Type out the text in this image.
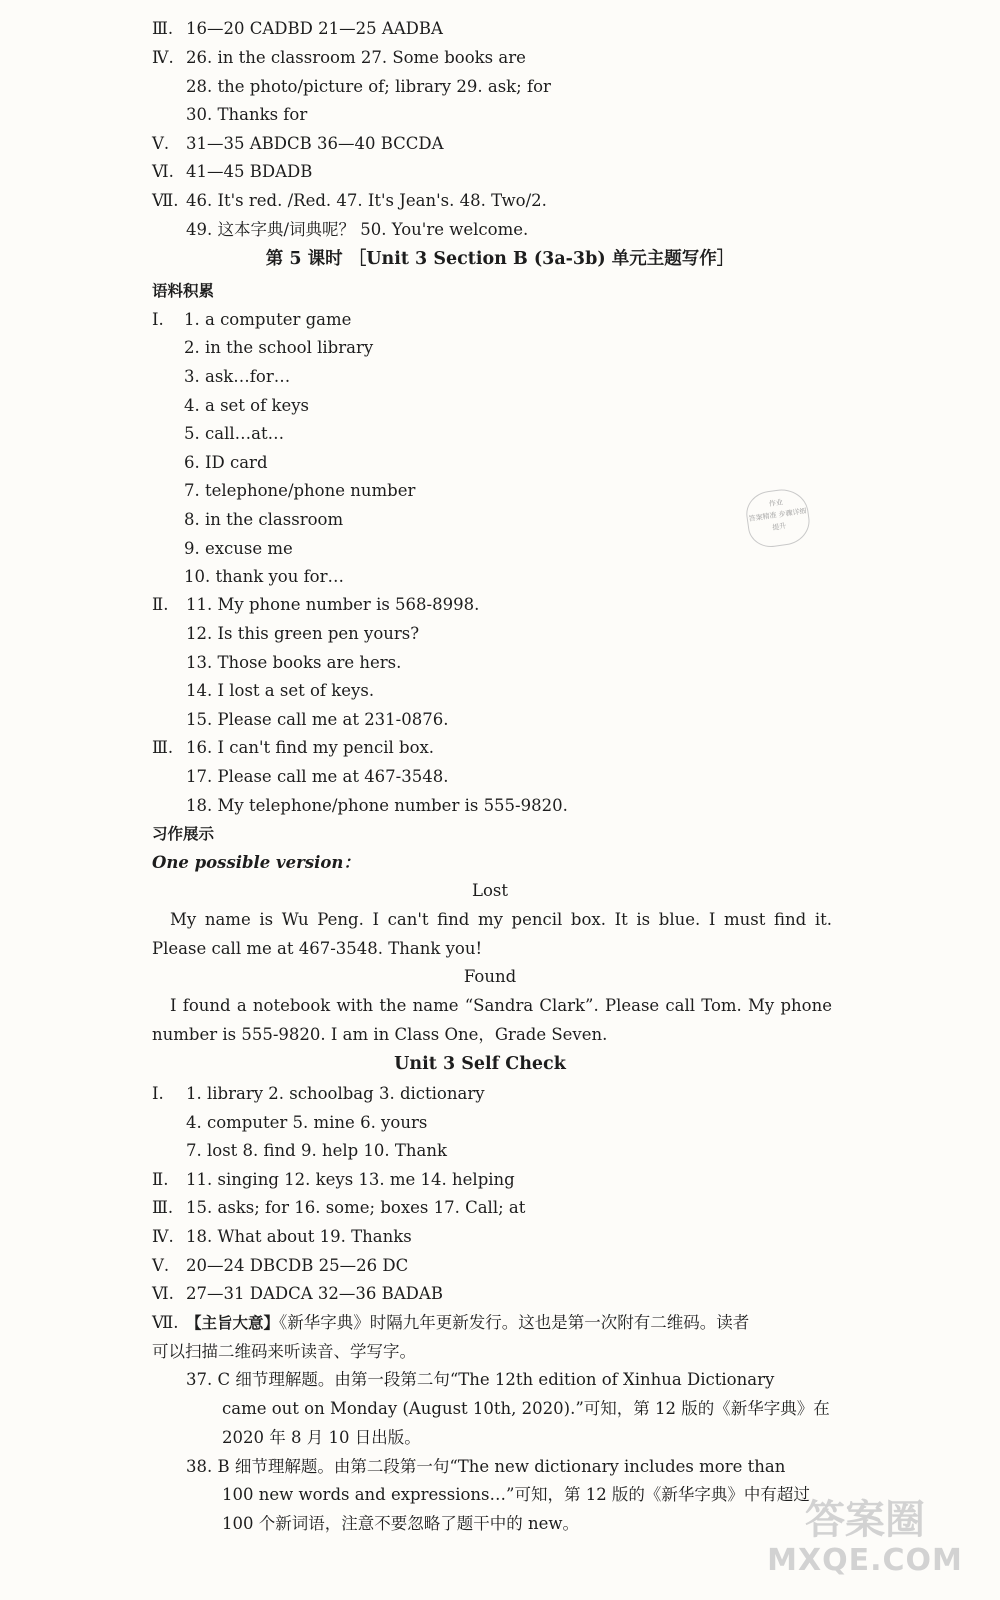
Ⅲ. 16—20 CADBD 21—25 AADBA
Ⅳ. 26. in the classroom 27. Some books are
28. the photo/picture of; library 29. ask; for
30. Thanks for
Ⅴ. 31—35 ABDCB 36—40 BCCDA
Ⅵ. 41—45 BDADB
Ⅶ. 46. It's red. /Red. 47. It's Jean's. 48. Two/2.
49. 这本字典/词典呢？ 50. You're welcome.
第 5 课时 ［Unit 3 Section B (3a-3b) 单元主题写作］
语料积累
Ⅰ. 1. a computer game
2. in the school library
3. ask…for…
4. a set of keys
5. call…at…
6. ID card
7. telephone/phone number
8. in the classroom
9. excuse me
10. thank you for…
作业
答案精准 步骤详细
提升
Ⅱ. 11. My phone number is 568-8998.
12. Is this green pen yours?
13. Those books are hers.
14. I lost a set of keys.
15. Please call me at 231-0876.
Ⅲ. 16. I can't find my pencil box.
17. Please call me at 467-3548.
18. My telephone/phone number is 555-9820.
习作展示
One possible version：
Lost
My name is Wu Peng. I can't find my pencil box. It is blue. I must find it. Please call me at 467-3548. Thank you!
Found
I found a notebook with the name “Sandra Clark”. Please call Tom. My phone number is 555-9820. I am in Class One，Grade Seven.
Unit 3 Self Check
Ⅰ. 1. library 2. schoolbag 3. dictionary
4. computer 5. mine 6. yours
7. lost 8. find 9. help 10. Thank
Ⅱ. 11. singing 12. keys 13. me 14. helping
Ⅲ. 15. asks; for 16. some; boxes 17. Call; at
Ⅳ. 18. What about 19. Thanks
Ⅴ. 20—24 DBCDB 25—26 DC
Ⅵ. 27—31 DADCA 32—36 BADAB
Ⅶ. 【主旨大意】《新华字典》时隔九年更新发行。这也是第一次附有二维码。读者
可以扫描二维码来听读音、学写字。
37. C 细节理解题。由第一段第二句“The 12th edition of Xinhua Dictionary
came out on Monday (August 10th, 2020).”可知，第 12 版的《新华字典》在
2020 年 8 月 10 日出版。
38. B 细节理解题。由第二段第一句“The new dictionary includes more than
100 new words and expressions…”可知，第 12 版的《新华字典》中有超过
100 个新词语，注意不要忽略了题干中的 new。	答案圈
MXQE.COM
